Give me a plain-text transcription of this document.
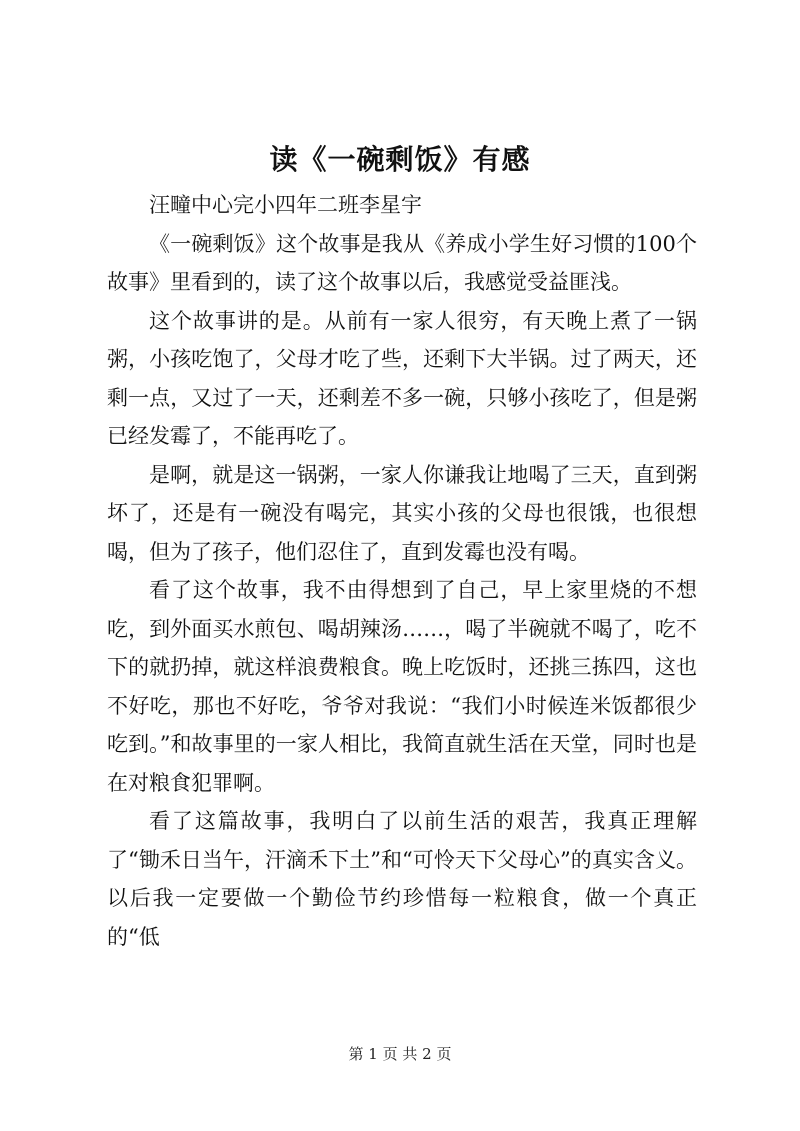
读《一碗剩饭》有感
汪疃中心完小四年二班李星宇

《一碗剩饭》这个故事是我从《养成小学生好习惯的100个故事》里看到的，读了这个故事以后，我感觉受益匪浅。

这个故事讲的是。从前有一家人很穷，有天晚上煮了一锅粥，小孩吃饱了，父母才吃了些，还剩下大半锅。过了两天，还剩一点，又过了一天，还剩差不多一碗，只够小孩吃了，但是粥已经发霉了，不能再吃了。

是啊，就是这一锅粥，一家人你谦我让地喝了三天，直到粥坏了，还是有一碗没有喝完，其实小孩的父母也很饿，也很想喝，但为了孩子，他们忍住了，直到发霉也没有喝。

看了这个故事，我不由得想到了自己，早上家里烧的不想吃，到外面买水煎包、喝胡辣汤……，喝了半碗就不喝了，吃不下的就扔掉，就这样浪费粮食。晚上吃饭时，还挑三拣四，这也不好吃，那也不好吃，爷爷对我说：“我们小时候连米饭都很少吃到。”和故事里的一家人相比，我简直就生活在天堂，同时也是在对粮食犯罪啊。

看了这篇故事，我明白了以前生活的艰苦，我真正理解了“锄禾日当午，汗滴禾下土”和“可怜天下父母心”的真实含义。以后我一定要做一个勤俭节约珍惜每一粒粮食，做一个真正的“低

第 1 页 共 2 页
